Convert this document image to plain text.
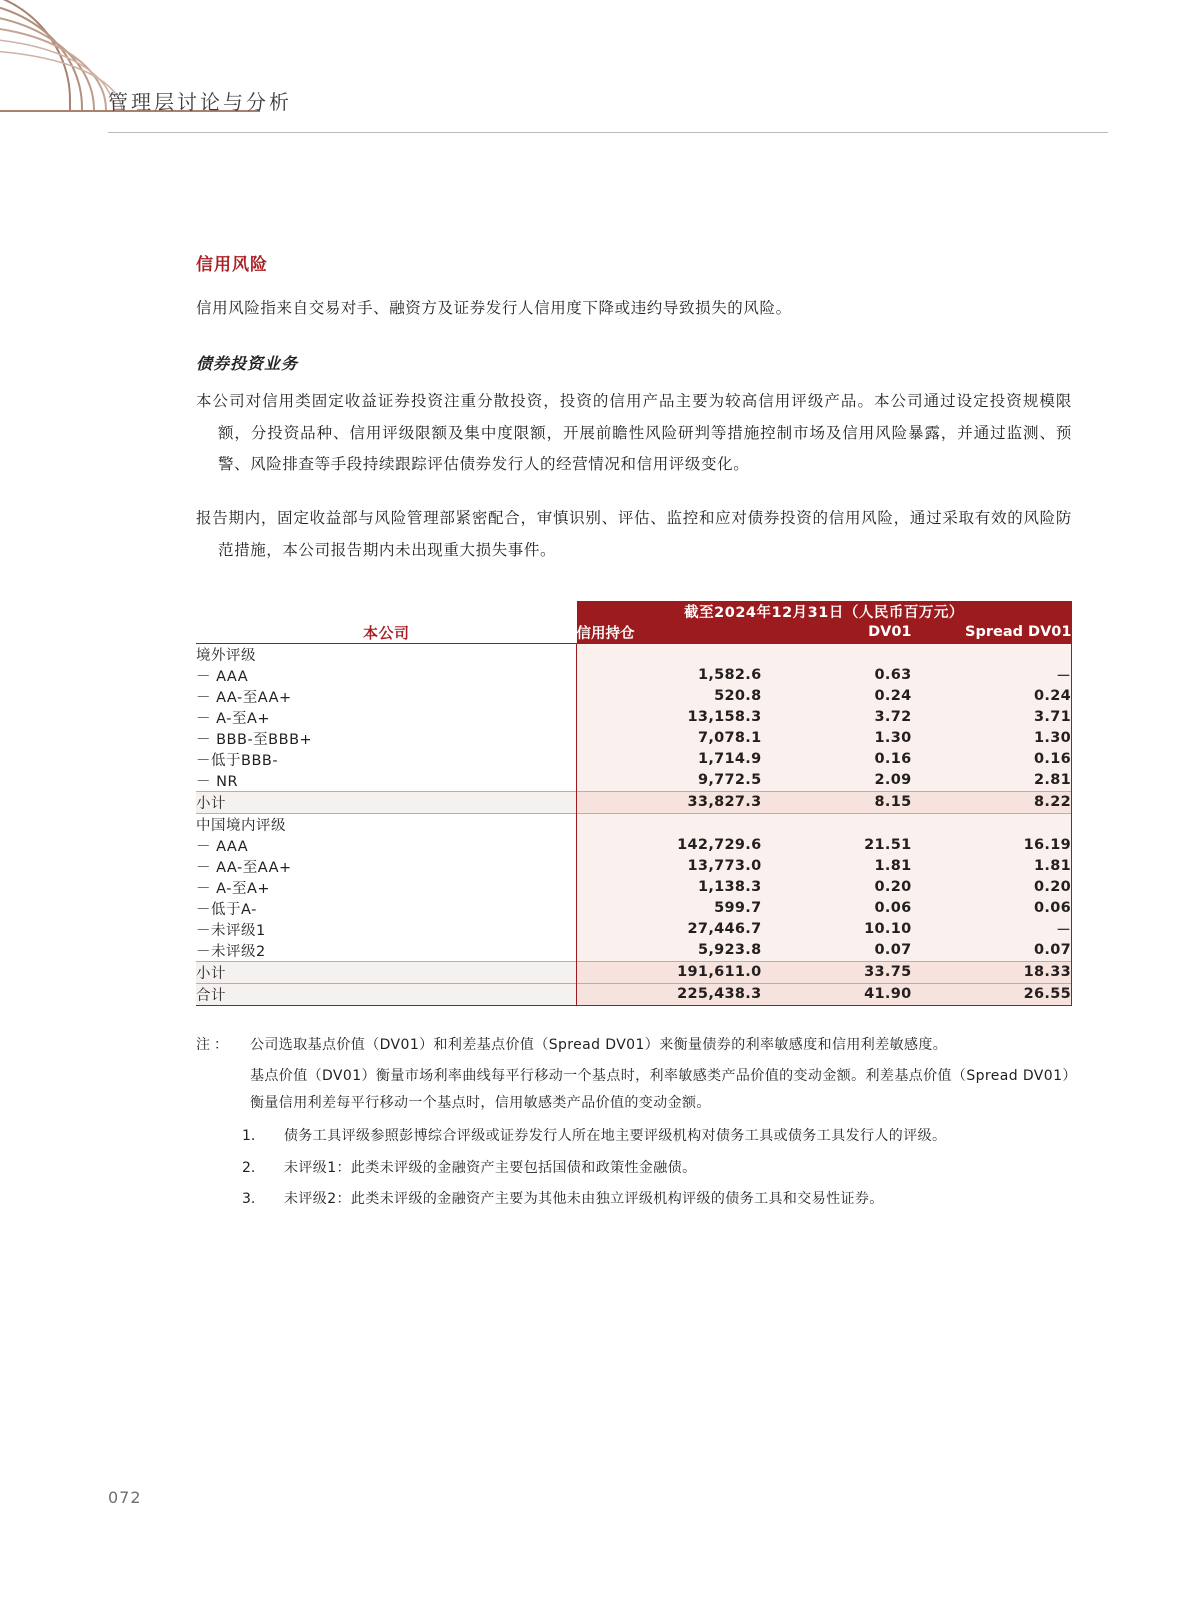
管理层讨论与分析
信用风险

信用风险指来自交易对手、融资方及证券发行人信用度下降或违约导致损失的风险。

债券投资业务

本公司对信用类固定收益证券投资注重分散投资，投资的信用产品主要为较高信用评级产品。本公司通过设定投资规模限额，分投资品种、信用评级限额及集中度限额，开展前瞻性风险研判等措施控制市场及信用风险暴露，并通过监测、预警、风险排查等手段持续跟踪评估债券发行人的经营情况和信用评级变化。

报告期内，固定收益部与风险管理部紧密配合，审慎识别、评估、监控和应对债券投资的信用风险，通过采取有效的风险防范措施，本公司报告期内未出现重大损失事件。

本公司	截至2024年12月31日（人民币百万元）		
	信用持仓	DV01	Spread DV01
境外评级			
－ AAA	1,582.6	0.63	－
－ AA-至AA+	520.8	0.24	0.24
－ A-至A+	13,158.3	3.72	3.71
－ BBB-至BBB+	7,078.1	1.30	1.30
－低于BBB-	1,714.9	0.16	0.16
－ NR	9,772.5	2.09	2.81
小计	33,827.3	8.15	8.22
中国境内评级			
－ AAA	142,729.6	21.51	16.19
－ AA-至AA+	13,773.0	1.81	1.81
－ A-至A+	1,138.3	0.20	0.20
－低于A-	599.7	0.06	0.06
－未评级1	27,446.7	10.10	－
－未评级2	5,923.8	0.07	0.07
小计	191,611.0	33.75	18.33
合计	225,438.3	41.90	26.55
注：	公司选取基点价值（DV01）和利差基点价值（Spread DV01）来衡量债券的利率敏感度和信用利差敏感度。
基点价值（DV01）衡量市场利率曲线每平行移动一个基点时，利率敏感类产品价值的变动金额。利差基点价值（Spread DV01）衡量信用利差每平行移动一个基点时，信用敏感类产品价值的变动金额。
1.	债务工具评级参照彭博综合评级或证券发行人所在地主要评级机构对债务工具或债务工具发行人的评级。
2.	未评级1：此类未评级的金融资产主要包括国债和政策性金融债。
3.	未评级2：此类未评级的金融资产主要为其他未由独立评级机构评级的债务工具和交易性证券。
072
